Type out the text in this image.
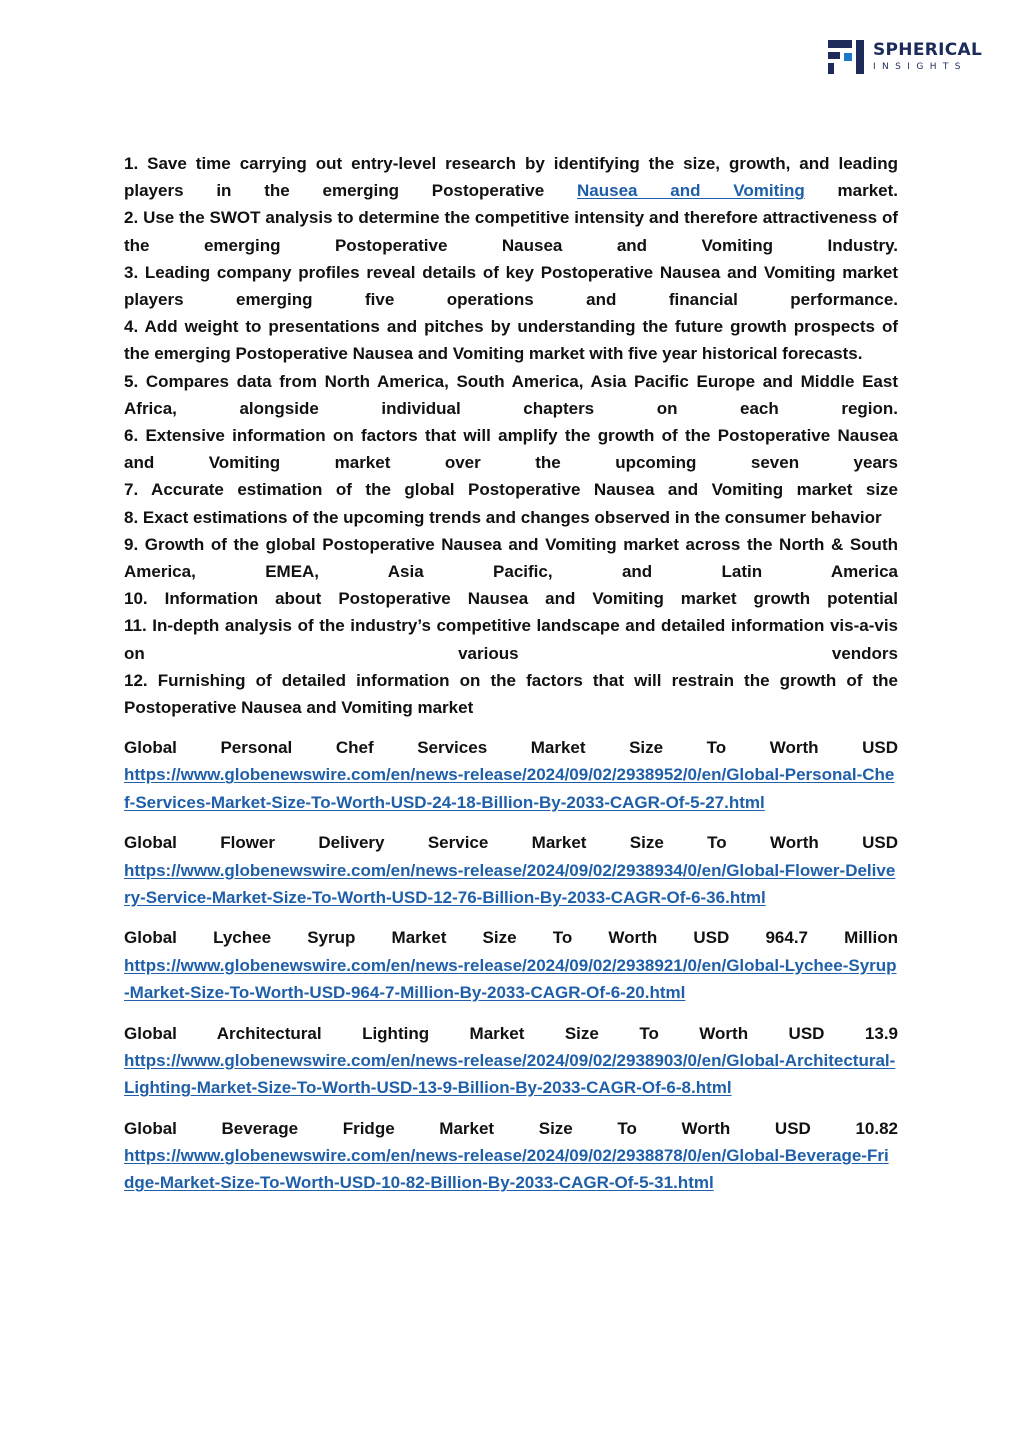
SPHERICAL
INSIGHTS

1. Save time carrying out entry-level research by identifying the size, growth, and leading players in the emerging Postoperative Nausea and Vomiting market.

2. Use the SWOT analysis to determine the competitive intensity and therefore attractiveness of the emerging Postoperative Nausea and Vomiting Industry.

3. Leading company profiles reveal details of key Postoperative Nausea and Vomiting market players emerging five operations and financial performance.

4. Add weight to presentations and pitches by understanding the future growth prospects of the emerging Postoperative Nausea and Vomiting market with five year historical forecasts.

5. Compares data from North America, South America, Asia Pacific Europe and Middle East Africa, alongside individual chapters on each region.

6. Extensive information on factors that will amplify the growth of the Postoperative Nausea and Vomiting market over the upcoming seven years

7. Accurate estimation of the global Postoperative Nausea and Vomiting market size

8. Exact estimations of the upcoming trends and changes observed in the consumer behavior

9. Growth of the global Postoperative Nausea and Vomiting market across the North & South America, EMEA, Asia Pacific, and Latin America

10. Information about Postoperative Nausea and Vomiting market growth potential

11. In-depth analysis of the industry’s competitive landscape and detailed information vis-a-vis on various vendors

12. Furnishing of detailed information on the factors that will restrain the growth of the Postoperative Nausea and Vomiting market

Global Personal Chef Services Market Size To Worth USD

https://www.globenewswire.com/en/news-release/2024/09/02/2938952/0/en/Global-Personal-Chef-Services-Market-Size-To-Worth-USD-24-18-Billion-By-2033-CAGR-Of-5-27.html

Global Flower Delivery Service Market Size To Worth USD

https://www.globenewswire.com/en/news-release/2024/09/02/2938934/0/en/Global-Flower-Delivery-Service-Market-Size-To-Worth-USD-12-76-Billion-By-2033-CAGR-Of-6-36.html

Global Lychee Syrup Market Size To Worth USD 964.7 Million

https://www.globenewswire.com/en/news-release/2024/09/02/2938921/0/en/Global-Lychee-Syrup-Market-Size-To-Worth-USD-964-7-Million-By-2033-CAGR-Of-6-20.html

Global Architectural Lighting Market Size To Worth USD 13.9

https://www.globenewswire.com/en/news-release/2024/09/02/2938903/0/en/Global-Architectural-Lighting-Market-Size-To-Worth-USD-13-9-Billion-By-2033-CAGR-Of-6-8.html

Global Beverage Fridge Market Size To Worth USD 10.82

https://www.globenewswire.com/en/news-release/2024/09/02/2938878/0/en/Global-Beverage-Fridge-Market-Size-To-Worth-USD-10-82-Billion-By-2033-CAGR-Of-5-31.html
